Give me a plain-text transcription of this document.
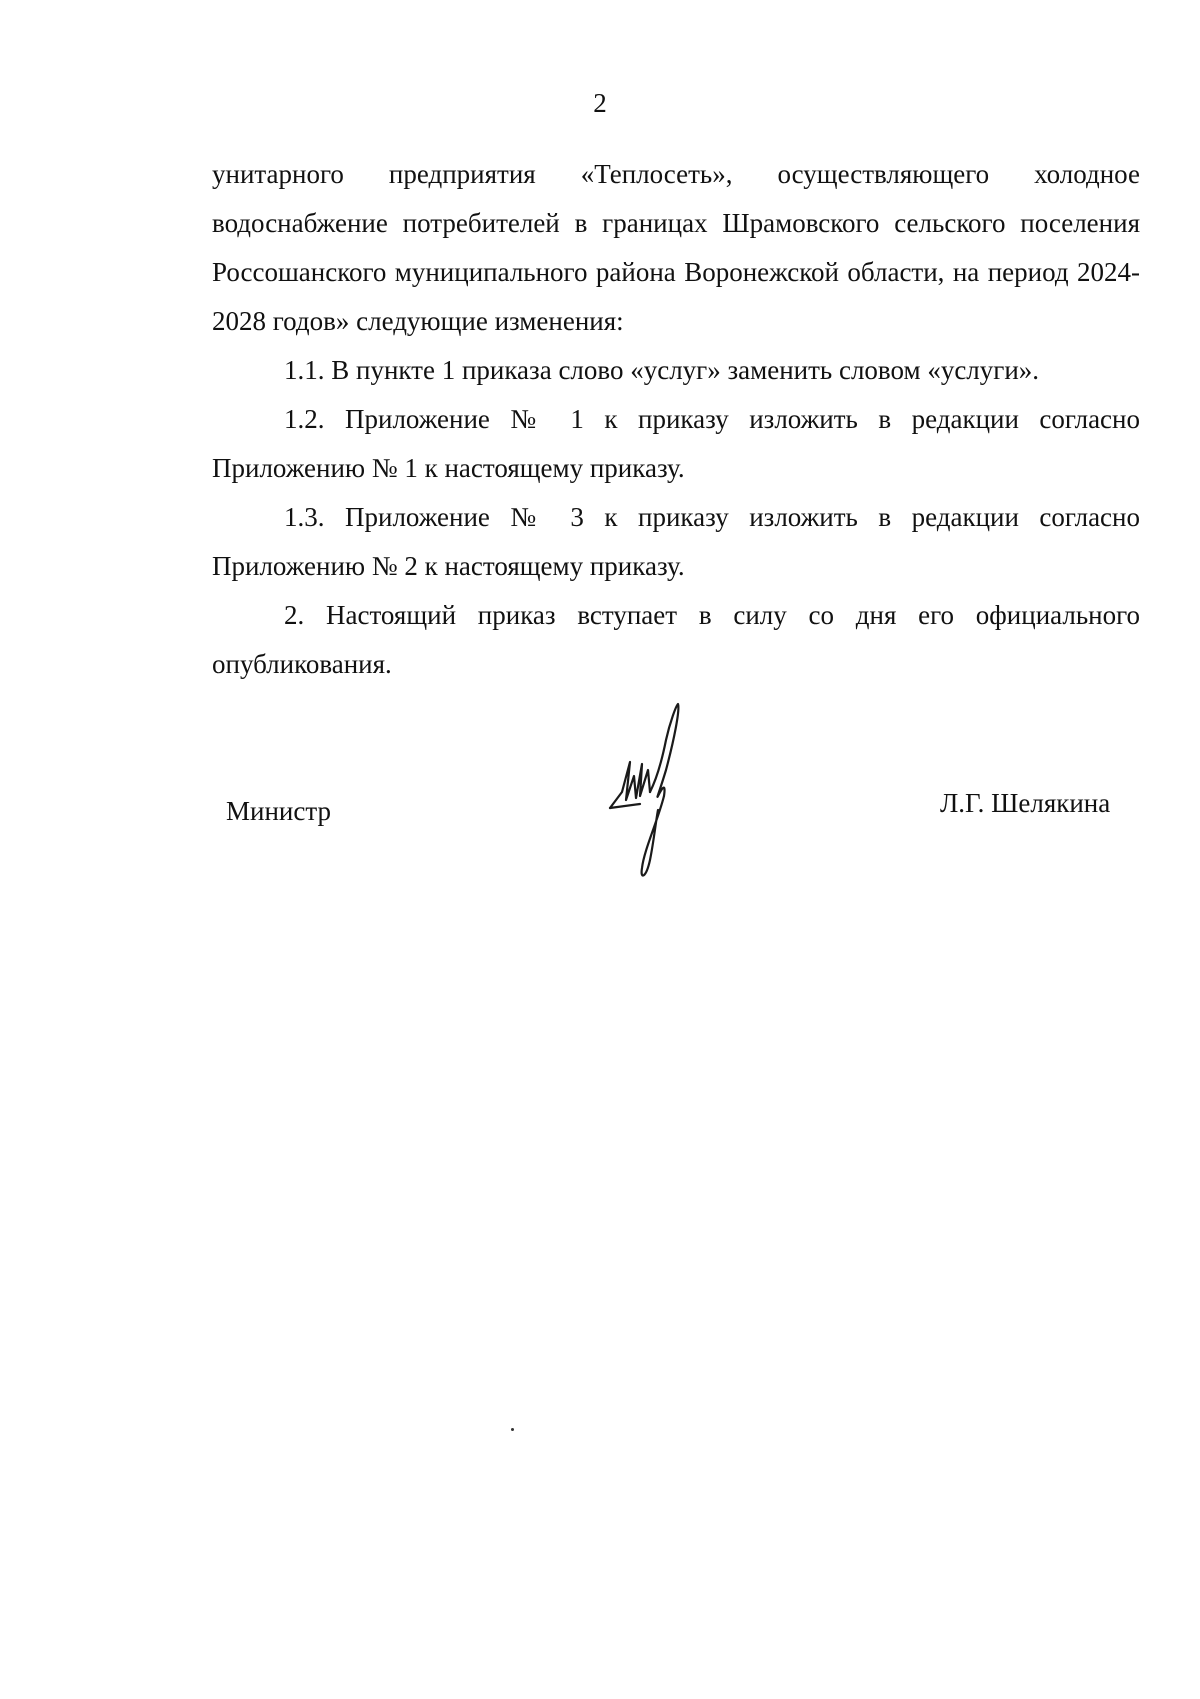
2

унитарного предприятия «Теплосеть», осуществляющего холодное водоснабжение потребителей в границах Шрамовского сельского поселения Россошанского муниципального района Воронежской области, на период 2024-2028 годов» следующие изменения:

1.1. В пункте 1 приказа слово «услуг» заменить словом «услуги».

1.2. Приложение № 1 к приказу изложить в редакции согласно Приложению № 1 к настоящему приказу.

1.3. Приложение № 3 к приказу изложить в редакции согласно Приложению № 2 к настоящему приказу.

2. Настоящий приказ вступает в силу со дня его официального опубликования.

Министр	Л.Г. Шелякина
